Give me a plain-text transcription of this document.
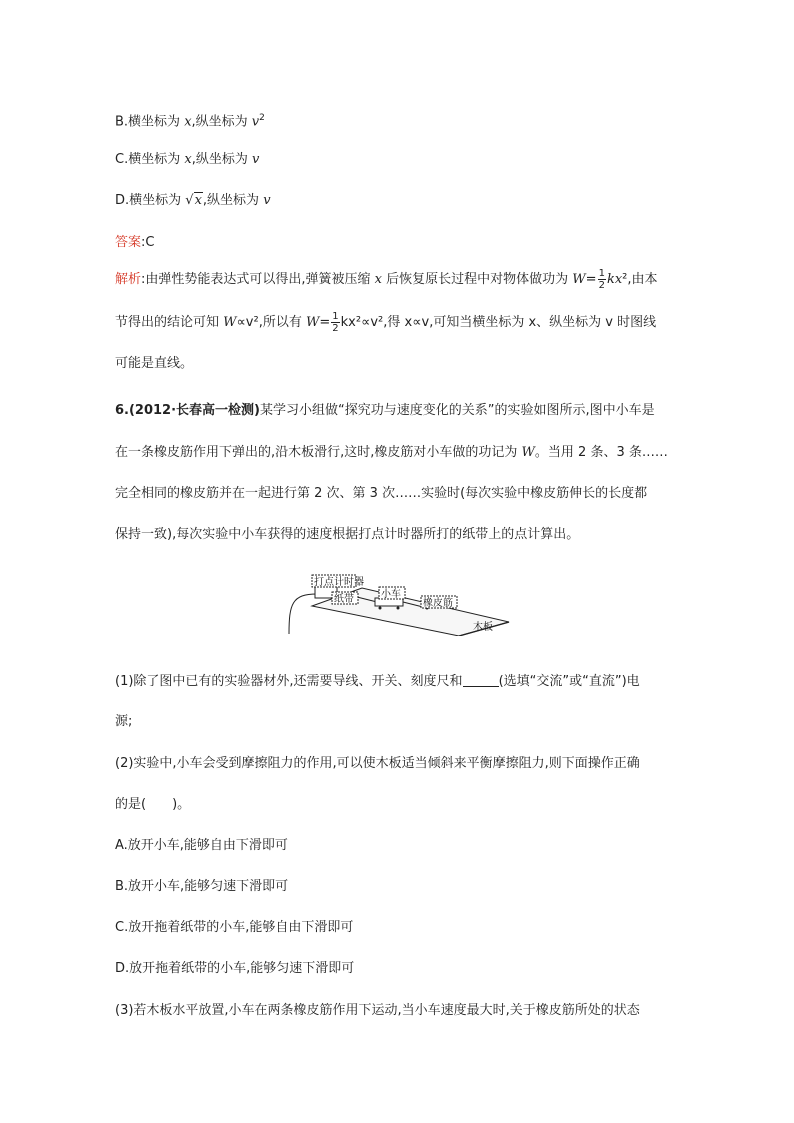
B.横坐标为 x,纵坐标为 $v^2$
C.横坐标为 x,纵坐标为 v
D.横坐标为 √x,纵坐标为 v
答案:C
解析:由弹性势能表达式可以得出,弹簧被压缩 x 后恢复原长过程中对物体做功为 $W= \frac{1}{2} kx^2$,由本
节得出的结论可知 W∝v²,所以有 $W= \frac{1}{2} kx^2\propto v^2$,得 x∝v,可知当横坐标为 x、纵坐标为 v 时图线
可能是直线。
6.(2012·长春高一检测)某学习小组做“探究功与速度变化的关系”的实验如图所示,图中小车是
在一条橡皮筋作用下弹出的,沿木板滑行,这时,橡皮筋对小车做的功记为 W。当用 2 条、3 条……
完全相同的橡皮筋并在一起进行第 2 次、第 3 次……实验时(每次实验中橡皮筋伸长的长度都
保持一致),每次实验中小车获得的速度根据打点计时器所打的纸带上的点计算出。
打点计时器
纸带	小车
橡皮筋
木板
(1)除了图中已有的实验器材外,还需要导线、开关、刻度尺和	(选填“交流”或“直流”)电
源;
(2)实验中,小车会受到摩擦阻力的作用,可以使木板适当倾斜来平衡摩擦阻力,则下面操作正确
的是(　　)。
A.放开小车,能够自由下滑即可
B.放开小车,能够匀速下滑即可
C.放开拖着纸带的小车,能够自由下滑即可
D.放开拖着纸带的小车,能够匀速下滑即可
(3)若木板水平放置,小车在两条橡皮筋作用下运动,当小车速度最大时,关于橡皮筋所处的状态
